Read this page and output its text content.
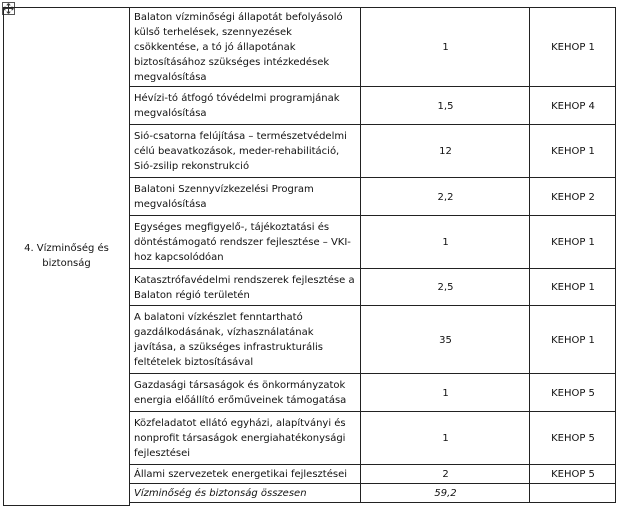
4. Vízminőség és biztonság	Balaton vízminőségi állapotát befolyásoló külső terhelések, szennyezések csökkentése, a tó jó állapotának biztosításához szükséges intézkedések megvalósítása	1	KEHOP 1
	Hévízi-tó átfogó tóvédelmi programjának megvalósítása	1,5	KEHOP 4
	Sió-csatorna felújítása – természetvédelmi célú beavatkozások, meder-rehabilitáció, Sió-zsilip rekonstrukció	12	KEHOP 1
	Balatoni Szennyvízkezelési Program megvalósítása	2,2	KEHOP 2
	Egységes megfigyelő-, tájékoztatási és döntéstámogató rendszer fejlesztése – VKI-hoz kapcsolódóan	1	KEHOP 1
	Katasztrófavédelmi rendszerek fejlesztése a Balaton régió területén	2,5	KEHOP 1
	A balatoni vízkészlet fenntartható gazdálkodásának, vízhasználatának javítása, a szükséges infrastrukturális feltételek biztosításával	35	KEHOP 1
	Gazdasági társaságok és önkormányzatok energia előállító erőműveinek támogatása	1	KEHOP 5
	Közfeladatot ellátó egyházi, alapítványi és nonprofit társaságok energiahatékonysági fejlesztései	1	KEHOP 5
	Állami szervezetek energetikai fejlesztései	2	KEHOP 5
	Vízminőség és biztonság összesen	59,2	
